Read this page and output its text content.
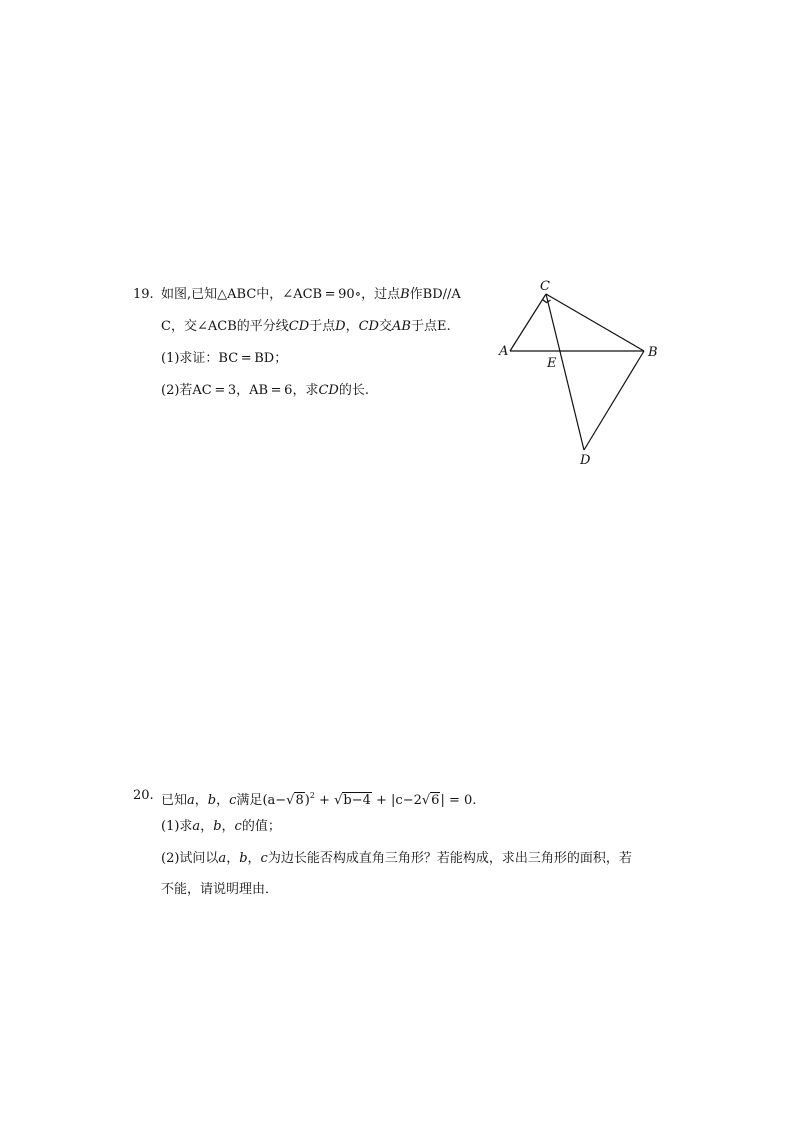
19. 如图,已知△ABC中，∠ACB = 90∘，过点B作BD//A
C，交∠ACB的平分线CD于点D，CD交AB于点E.
(1)求证：BC = BD；
(2)若AC = 3，AB = 6，求CD的长.
C
A	B
E
D
20. 已知a，b，c满足$(a-√8)^2 + √b-4 + |c-2√6| = 0$.
(1)求a，b，c的值；
(2)试问以a，b，c为边长能否构成直角三角形？若能构成，求出三角形的面积，若
不能，请说明理由．
